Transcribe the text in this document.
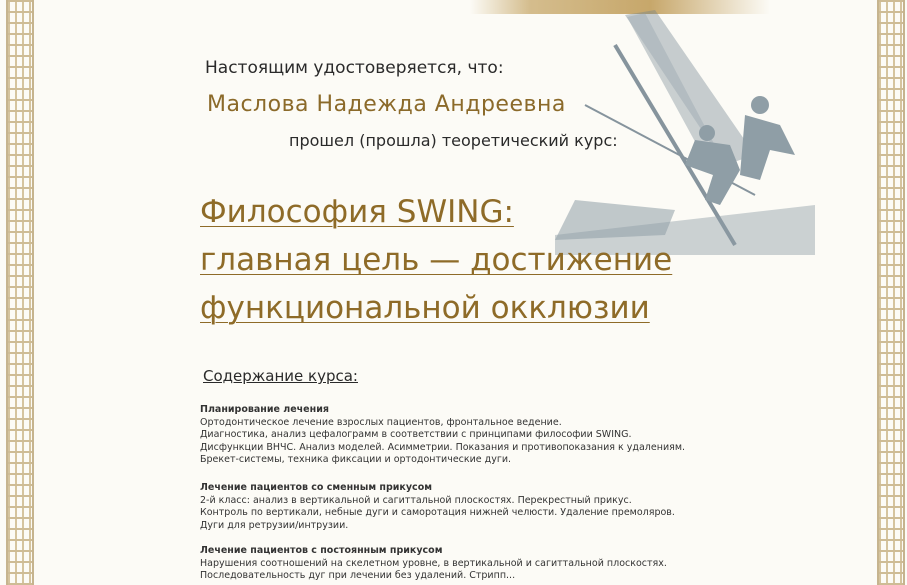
Настоящим удостоверяется, что:
Маслова Надежда Андреевна
прошел (прошла) теоретический курс:
Философия SWING:
главная цель — достижение
функциональной окклюзии
Содержание курса:
Планирование лечения
Ортодонтическое лечение взрослых пациентов, фронтальное ведение.
Диагностика, анализ цефалограмм в соответствии с принципами философии SWING.
Дисфункции ВНЧС. Анализ моделей. Асимметрии. Показания и противопоказания к удалениям.
Брекет-системы, техника фиксации и ортодонтические дуги.
Лечение пациентов со сменным прикусом
2-й класс: анализ в вертикальной и сагиттальной плоскостях. Перекрестный прикус.
Контроль по вертикали, небные дуги и саморотация нижней челюсти. Удаление премоляров.
Дуги для ретрузии/интрузии.
Лечение пациентов с постоянным прикусом
Нарушения соотношений на скелетном уровне, в вертикальной и сагиттальной плоскостях.
Последовательность дуг при лечении без удалений. Стрипп...
